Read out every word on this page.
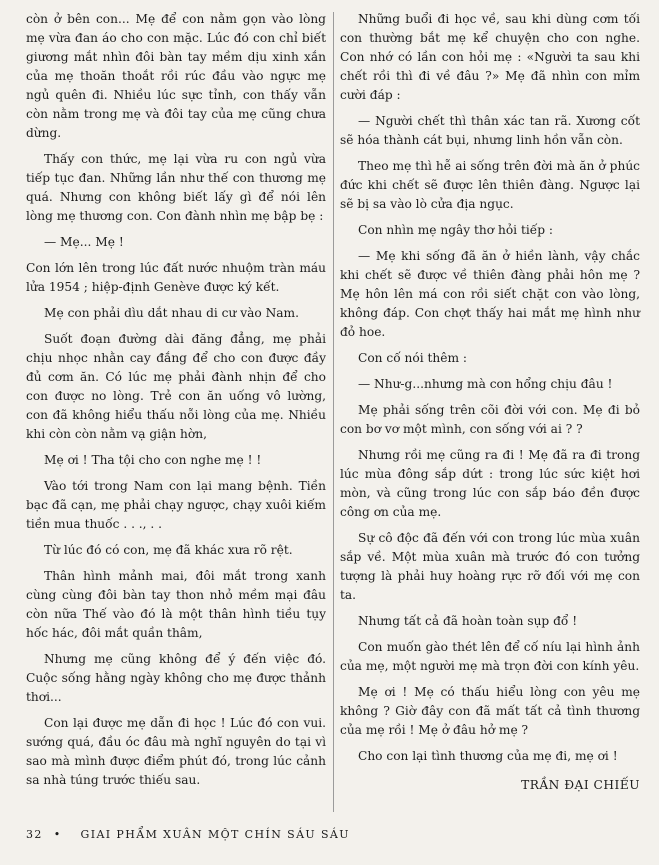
còn ở bên con... Mẹ để con nằm gọn vào lòng mẹ vừa đan áo cho con mặc. Lúc đó con chỉ biết giương mắt nhìn đôi bàn tay mềm dịu xinh xắn của mẹ thoăn thoắt rồi rúc đầu vào ngực mẹ ngủ quên đi. Nhiều lúc sực tỉnh, con thấy vẫn còn nằm trong mẹ và đôi tay của mẹ cũng chưa dừng.

Thấy con thức, mẹ lại vừa ru con ngủ vừa tiếp tục đan. Những lần như thế con thương mẹ quá. Nhưng con không biết lấy gì để nói lên lòng mẹ thương con. Con đành nhìn mẹ bập bẹ :

— Mẹ... Mẹ !

Con lớn lên trong lúc đất nước nhuộm tràn máu lửa 1954 ; hiệp-định Genève được ký kết.

Mẹ con phải dìu dắt nhau di cư vào Nam.

Suốt đoạn đường dài đăng đẳng, mẹ phải chịu nhọc nhằn cay đắng để cho con được đầy đủ cơm ăn. Có lúc mẹ phải đành nhịn để cho con được no lòng. Trẻ con ăn uống vô lường, con đã không hiểu thấu nỗi lòng của mẹ. Nhiều khi còn còn nằm vạ giận hờn,

Mẹ ơi ! Tha tội cho con nghe mẹ ! !

Vào tới trong Nam con lại mang bệnh. Tiền bạc đã cạn, mẹ phải chạy ngược, chạy xuôi kiếm tiền mua thuốc . . ., . .

Từ lúc đó có con, mẹ đã khác xưa rõ rệt.

Thân hình mảnh mai, đôi mắt trong xanh cùng cùng đôi bàn tay thon nhỏ mềm mại đâu còn nữa Thế vào đó là một thân hình tiều tụy hốc hác, đôi mắt quần thâm,

Nhưng mẹ cũng không để ý đến việc đó. Cuộc sống hằng ngày không cho mẹ được thảnh thơi...

Con lại được mẹ dẫn đi học ! Lúc đó con vui. sướng quá, đầu óc đâu mà nghĩ nguyên do tại vì sao mà mình được điểm phút đó, trong lúc cảnh sa nhà túng trước thiếu sau.

Những buổi đi học về, sau khi dùng cơm tối con thường bắt mẹ kể chuyện cho con nghe. Con nhớ có lần con hỏi mẹ : «Người ta sau khi chết rồi thì đi về đâu ?» Mẹ đã nhìn con mỉm cười đáp :

— Người chết thì thân xác tan rã. Xương cốt sẽ hóa thành cát bụi, nhưng linh hồn vẫn còn.

Theo mẹ thì hễ ai sống trên đời mà ăn ở phúc đức khi chết sẽ được lên thiên đàng. Ngược lại sẽ bị sa vào lò cửa địa ngục.

Con nhìn mẹ ngây thơ hỏi tiếp :

— Mẹ khi sống đã ăn ở hiền lành, vậy chắc khi chết sẽ được về thiên đàng phải hôn mẹ ? Mẹ hôn lên má con rồi siết chặt con vào lòng, không đáp. Con chợt thấy hai mắt mẹ hình như đỏ hoe.

Con cố nói thêm :

— Như-g...nhưng mà con hổng chịu đâu !

Mẹ phải sống trên cõi đời với con. Mẹ đi bỏ con bơ vơ một mình, con sống với ai ? ?

Nhưng rồi mẹ cũng ra đi ! Mẹ đã ra đi trong lúc mùa đông sắp dứt : trong lúc sức kiệt hơi mòn, và cũng trong lúc con sắp báo đền được công ơn của mẹ.

Sự cô độc đã đến với con trong lúc mùa xuân sắp về. Một mùa xuân mà trước đó con tưởng tượng là phải huy hoàng rực rỡ đối với mẹ con ta.

Nhưng tất cả đã hoàn toàn sụp đổ !

Con muốn gào thét lên để cố níu lại hình ảnh của mẹ, một người mẹ mà trọn đời con kính yêu.

Mẹ ơi ! Mẹ có thấu hiểu lòng con yêu mẹ không ? Giờ đây con đã mất tất cả tình thương của mẹ rồi ! Mẹ ở đâu hở mẹ ?

Cho con lại tình thương của mẹ đi, mẹ ơi !

TRẦN ĐẠI CHIẾU

32 • GIAI PHẨM XUÂN MỘT CHÍN SÁU SÁU
